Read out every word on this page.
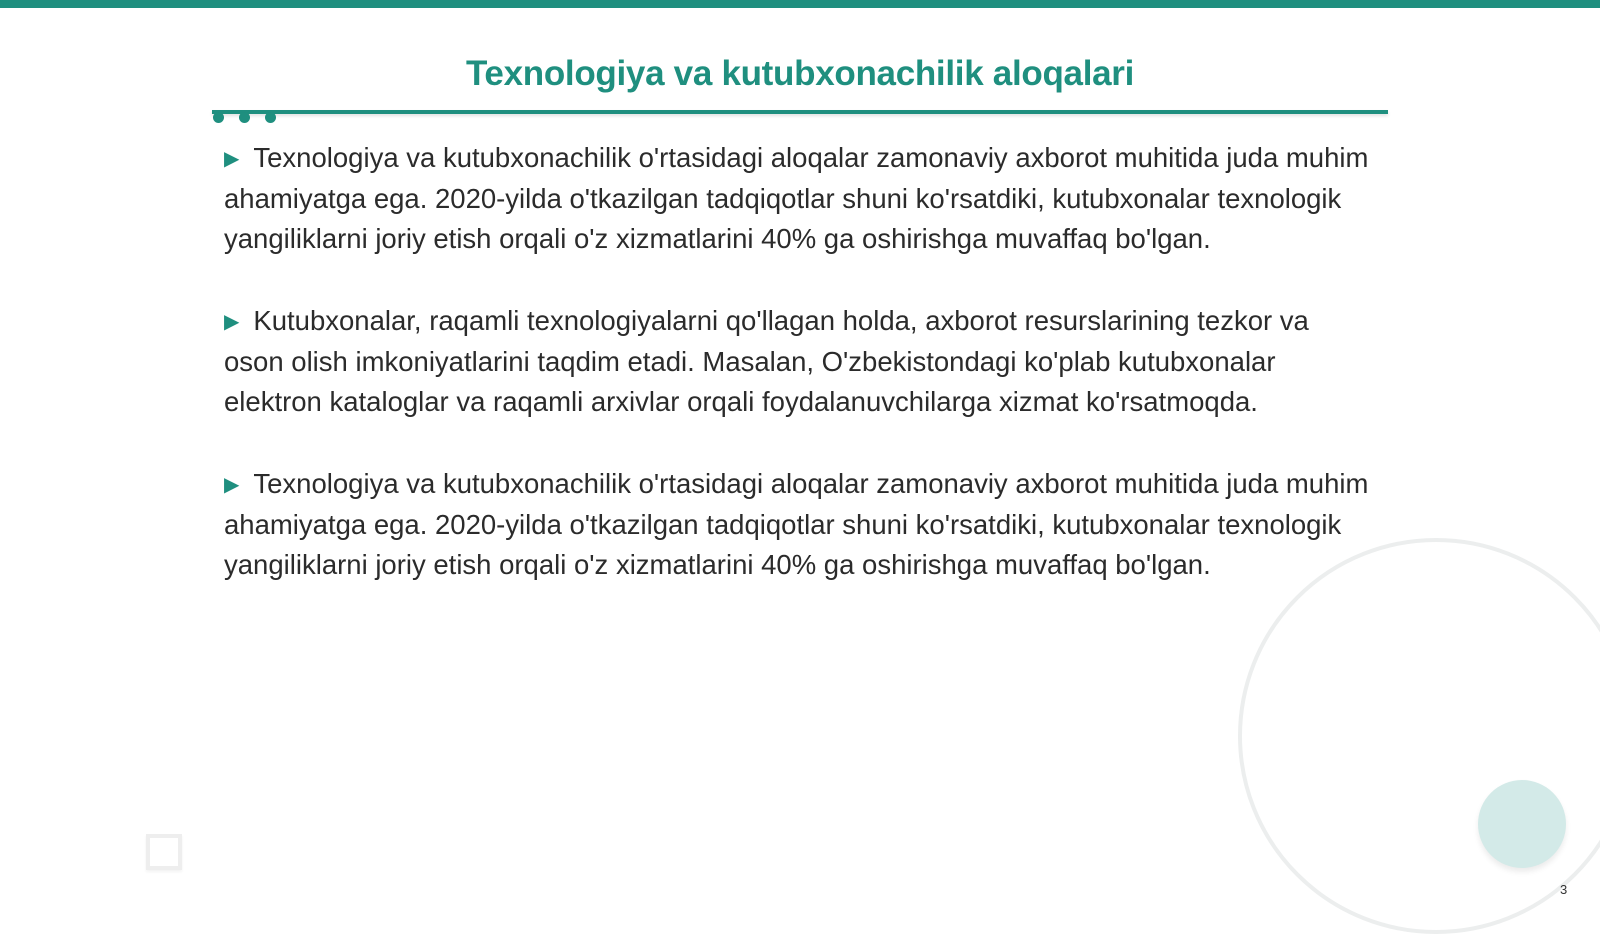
Texnologiya va kutubxonachilik aloqalari

▶ Texnologiya va kutubxonachilik o'rtasidagi aloqalar zamonaviy axborot muhitida juda muhim ahamiyatga ega. 2020-yilda o'tkazilgan tadqiqotlar shuni ko'rsatdiki, kutubxonalar texnologik yangiliklarni joriy etish orqali o'z xizmatlarini 40% ga oshirishga muvaffaq bo'lgan.

▶ Kutubxonalar, raqamli texnologiyalarni qo'llagan holda, axborot resurslarining tezkor va oson olish imkoniyatlarini taqdim etadi. Masalan, O'zbekistondagi ko'plab kutubxonalar elektron kataloglar va raqamli arxivlar orqali foydalanuvchilarga xizmat ko'rsatmoqda.

▶ Texnologiya va kutubxonachilik o'rtasidagi aloqalar zamonaviy axborot muhitida juda muhim ahamiyatga ega. 2020-yilda o'tkazilgan tadqiqotlar shuni ko'rsatdiki, kutubxonalar texnologik yangiliklarni joriy etish orqali o'z xizmatlarini 40% ga oshirishga muvaffaq bo'lgan.

3
